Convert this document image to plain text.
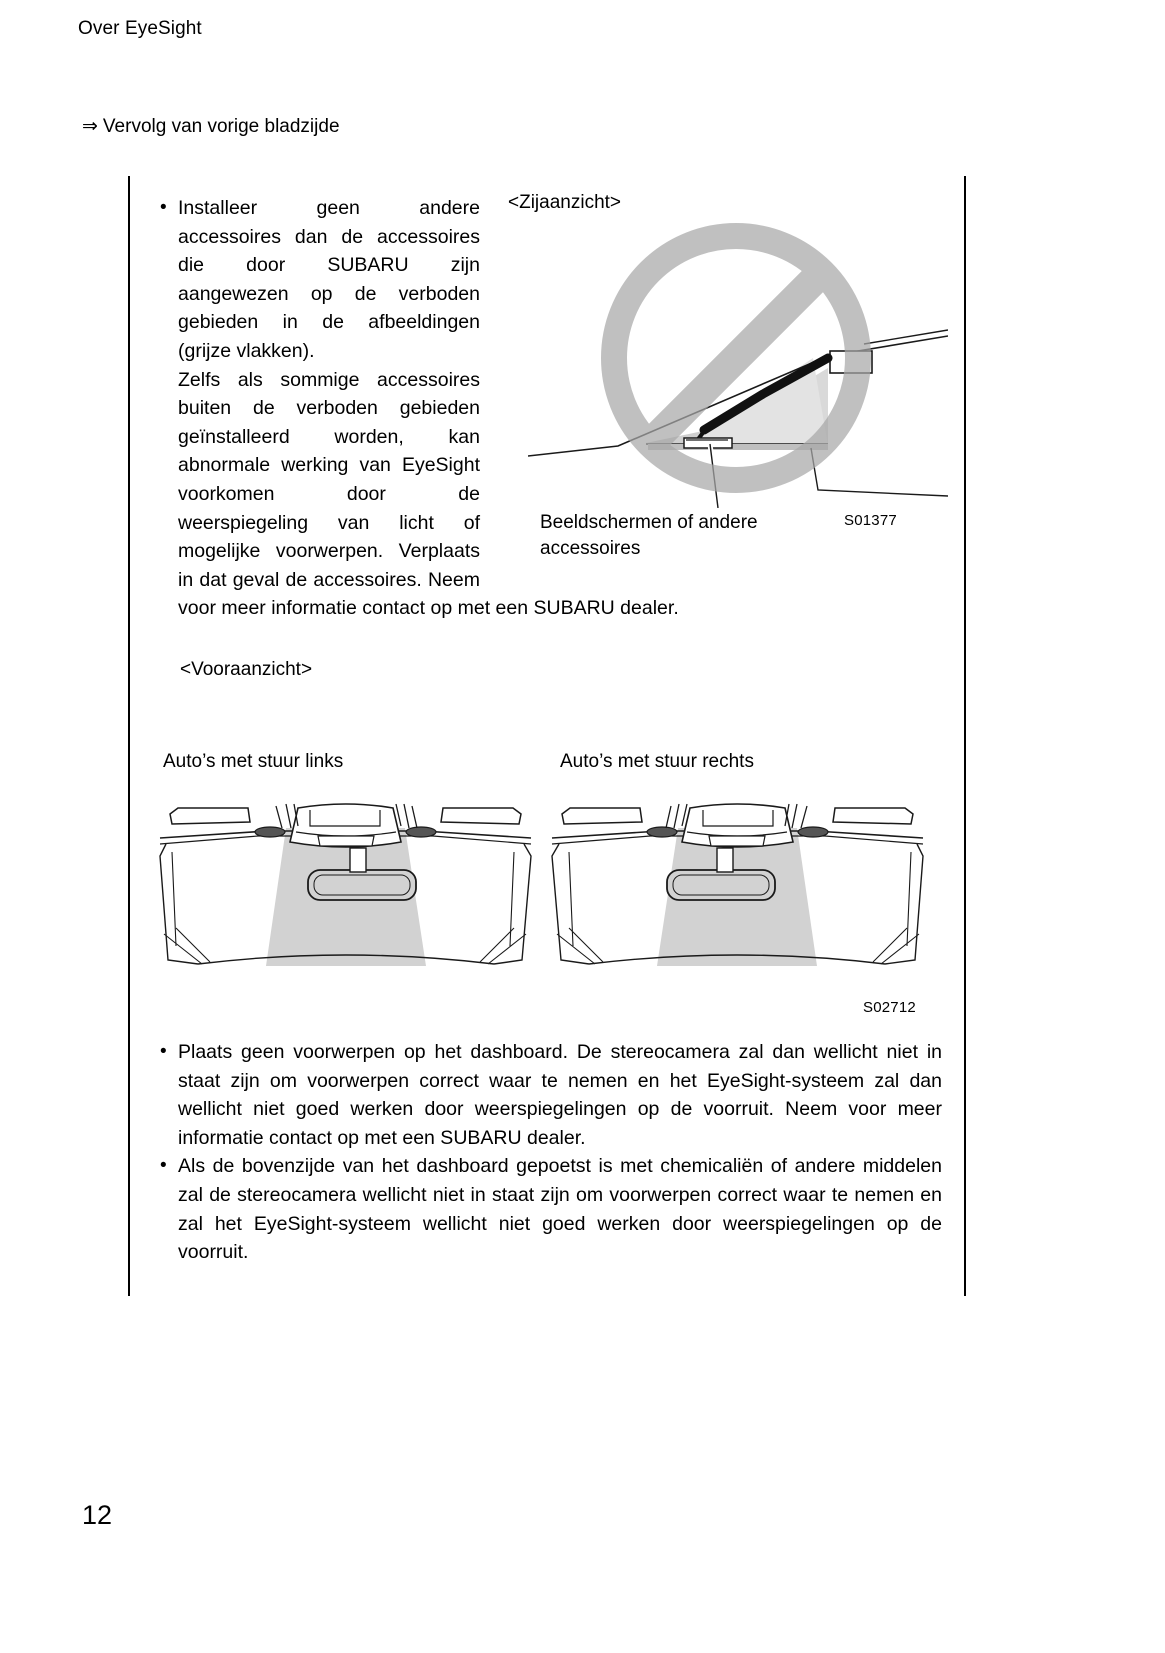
Over EyeSight
⇒ Vervolg van vorige bladzijde
• Installeer geen andere accessoires dan de accessoires die door SUBARU zijn aangewezen op de verboden gebieden in de afbeeldingen (grijze vlakken).

Zelfs als sommige accessoires buiten de verboden gebieden geïnstalleerd worden, kan abnormale werking van EyeSight voorkomen door de weerspiegeling van licht of mogelijke voorwerpen. Verplaats in dat geval de accessoires. Neem voor meer informatie contact op met een SUBARU dealer.

<Zijaanzicht>
Beeldschermen of andere accessoires
S01377
<Vooraanzicht>
Auto’s met stuur links	Auto’s met stuur rechts
S02712
• Plaats geen voorwerpen op het dashboard. De stereocamera zal dan wellicht niet in staat zijn om voorwerpen correct waar te nemen en het EyeSight-systeem zal dan wellicht niet goed werken door weerspiegelingen op de voorruit. Neem voor meer informatie contact op met een SUBARU dealer.

• Als de bovenzijde van het dashboard gepoetst is met chemicaliën of andere middelen zal de stereocamera wellicht niet in staat zijn om voorwerpen correct waar te nemen en zal het EyeSight-systeem wellicht niet goed werken door weerspiegelingen op de voorruit.

12
